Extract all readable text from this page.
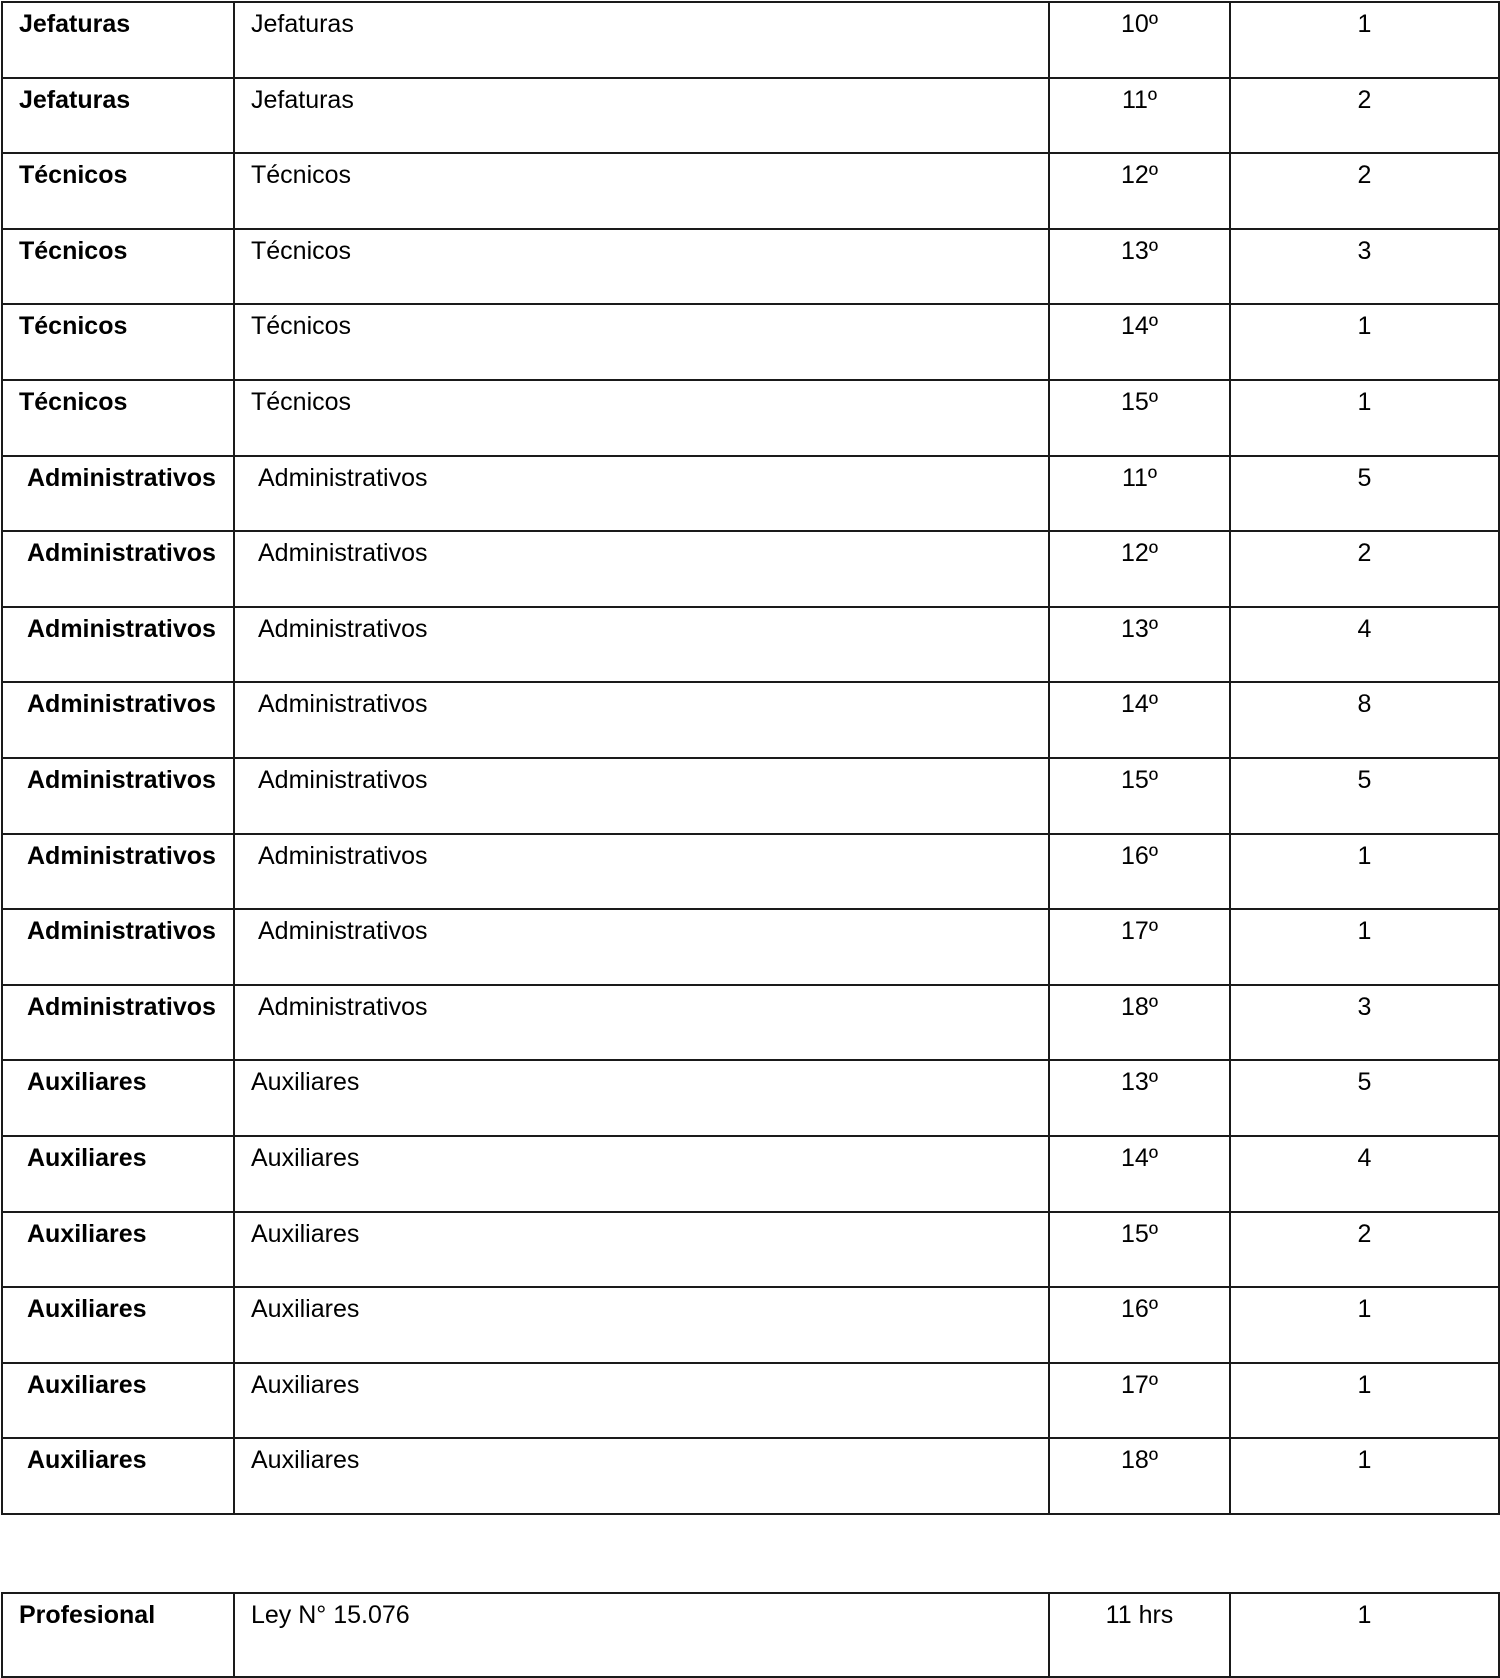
Jefaturas	Jefaturas	10º	1

Jefaturas	Jefaturas	11º	2

Técnicos	Técnicos	12º	2

Técnicos	Técnicos	13º	3

Técnicos	Técnicos	14º	1

Técnicos	Técnicos	15º	1

Administrativos	Administrativos	11º	5

Administrativos	Administrativos	12º	2

Administrativos	Administrativos	13º	4

Administrativos	Administrativos	14º	8

Administrativos	Administrativos	15º	5

Administrativos	Administrativos	16º	1

Administrativos	Administrativos	17º	1

Administrativos	Administrativos	18º	3

Auxiliares	Auxiliares	13º	5

Auxiliares	Auxiliares	14º	4

Auxiliares	Auxiliares	15º	2

Auxiliares	Auxiliares	16º	1

Auxiliares	Auxiliares	17º	1

Auxiliares	Auxiliares	18º	1
Profesional	Ley N° 15.076	11 hrs	1
